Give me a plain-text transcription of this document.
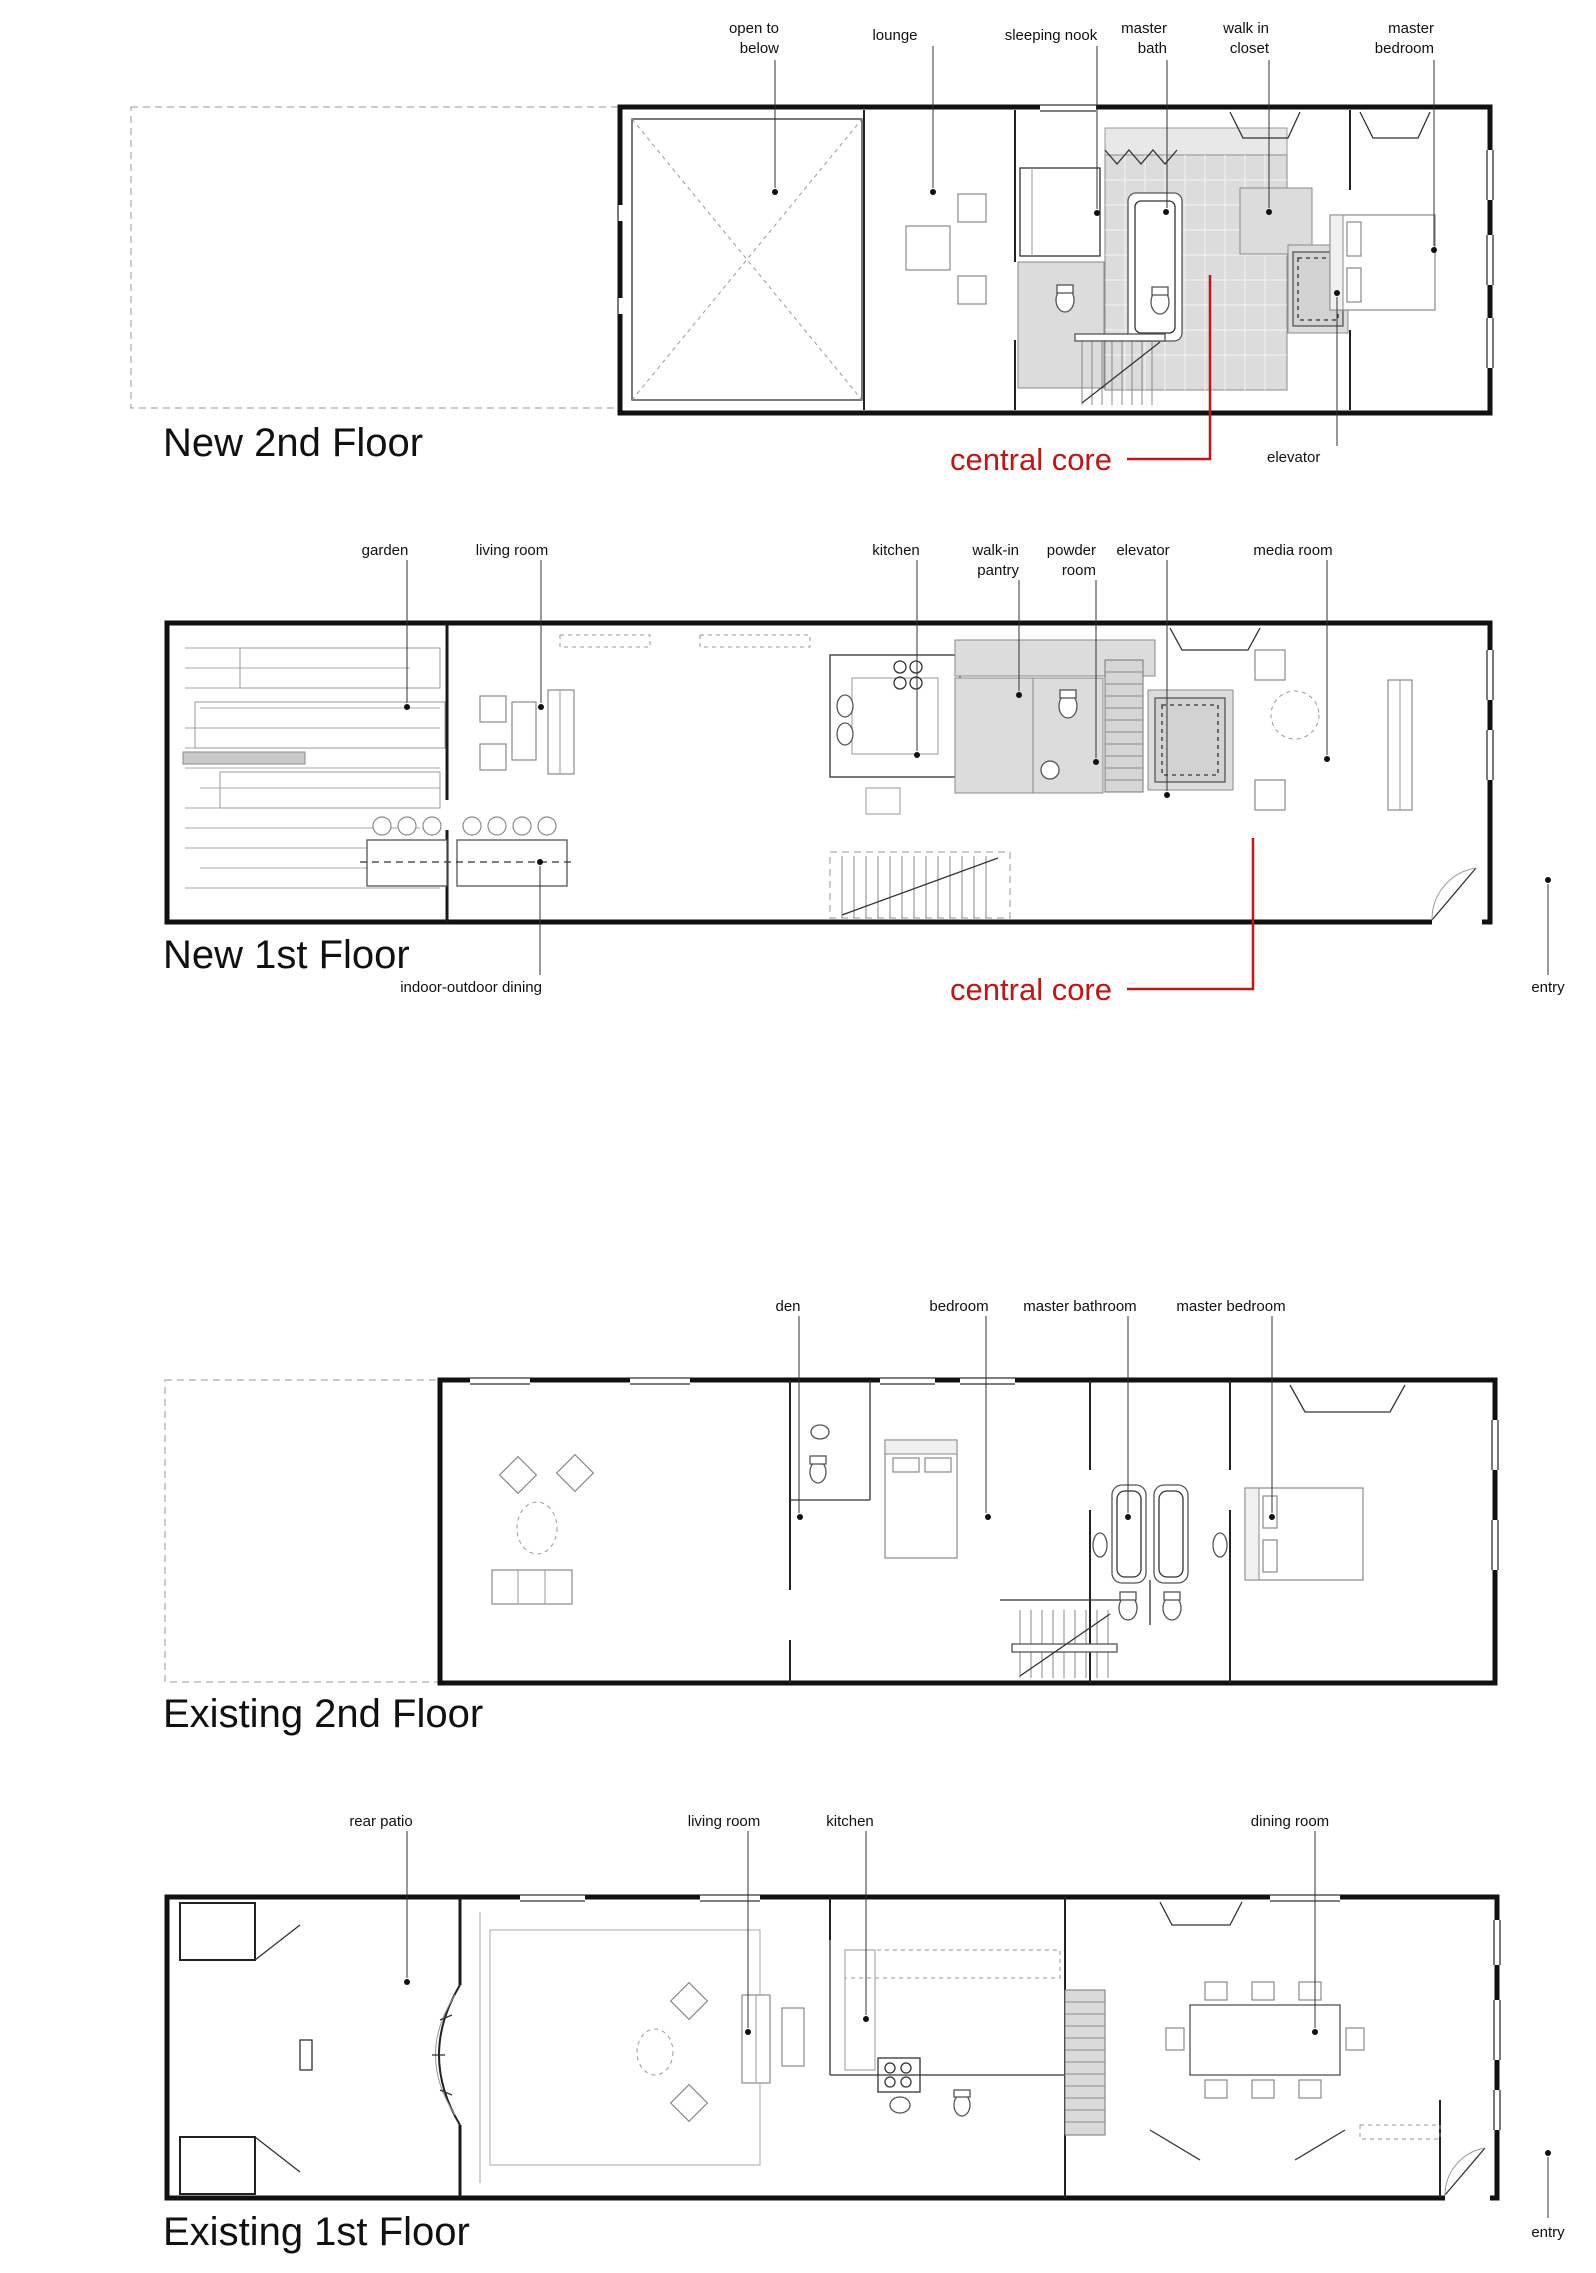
open to
below
lounge	sleeping nook master
bath
walk in
closet
master
bedroom
elevator
central core
New 2nd Floor
garden	living room	kitchen	walk-in
pantry
powder
room
elevator	media room
indoor-outdoor dining	entry
central core
New 1st Floor
den	bedroom master bathroom	master bedroom
Existing 2nd Floor
rear patio	living room	kitchen	dining room
entry
Existing 1st Floor
